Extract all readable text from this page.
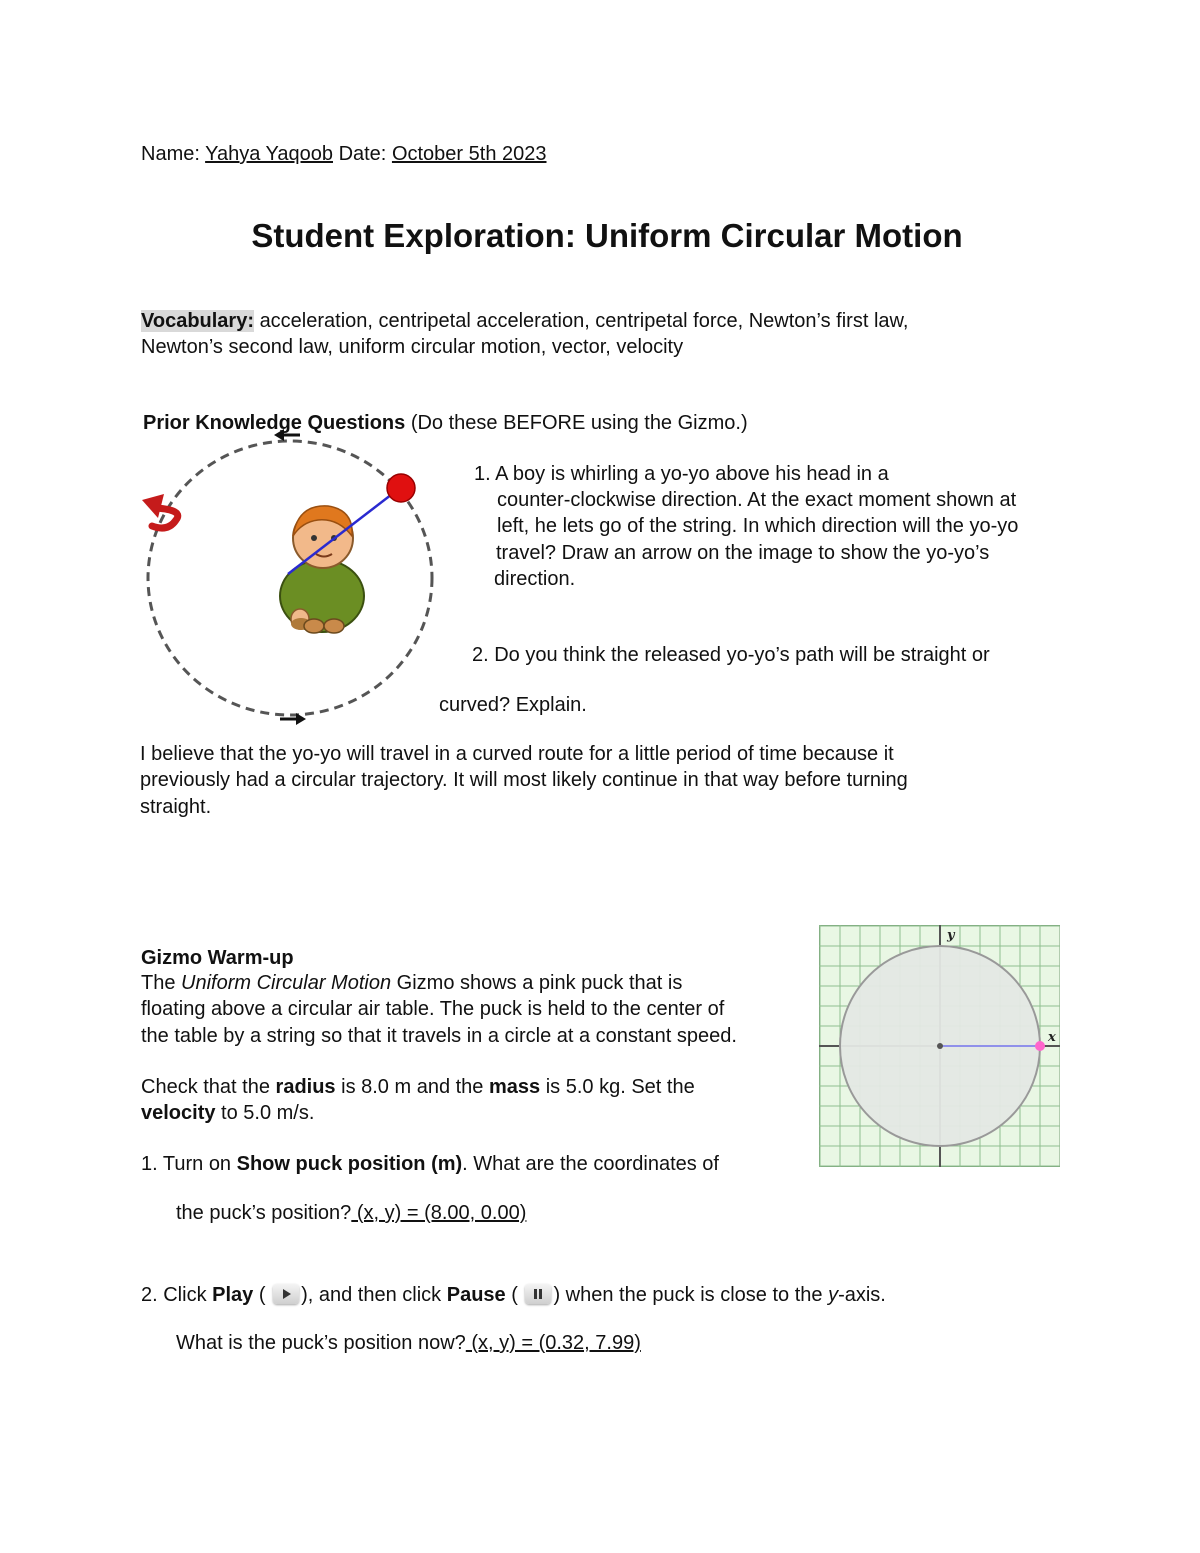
Name: Yahya Yaqoob Date: October 5th 2023
Student Exploration: Uniform Circular Motion
Vocabulary: acceleration, centripetal acceleration, centripetal force, Newton’s first law,
Newton’s second law, uniform circular motion, vector, velocity
Prior Knowledge Questions (Do these BEFORE using the Gizmo.)
1. A boy is whirling a yo-yo above his head in a
counter-clockwise direction. At the exact moment shown at
left, he lets go of the string. In which direction will the yo-yo
travel? Draw an arrow on the image to show the yo-yo’s
direction.
2. Do you think the released yo-yo’s path will be straight or
curved? Explain.
I believe that the yo-yo will travel in a curved route for a little period of time because it
previously had a circular trajectory. It will most likely continue in that way before turning
straight.
Gizmo Warm-up
The Uniform Circular Motion Gizmo shows a pink puck that is
floating above a circular air table. The puck is held to the center of
the table by a string so that it travels in a circle at a constant speed.
Check that the radius is 8.0 m and the mass is 5.0 kg. Set the
velocity to 5.0 m/s.
1. Turn on Show puck position (m). What are the coordinates of
the puck’s position? (x, y) = (8.00, 0.00)
2. Click Play ( ), and then click Pause ( ) when the puck is close to the y-axis.
What is the puck’s position now? (x, y) = (0.32, 7.99)
x
y
